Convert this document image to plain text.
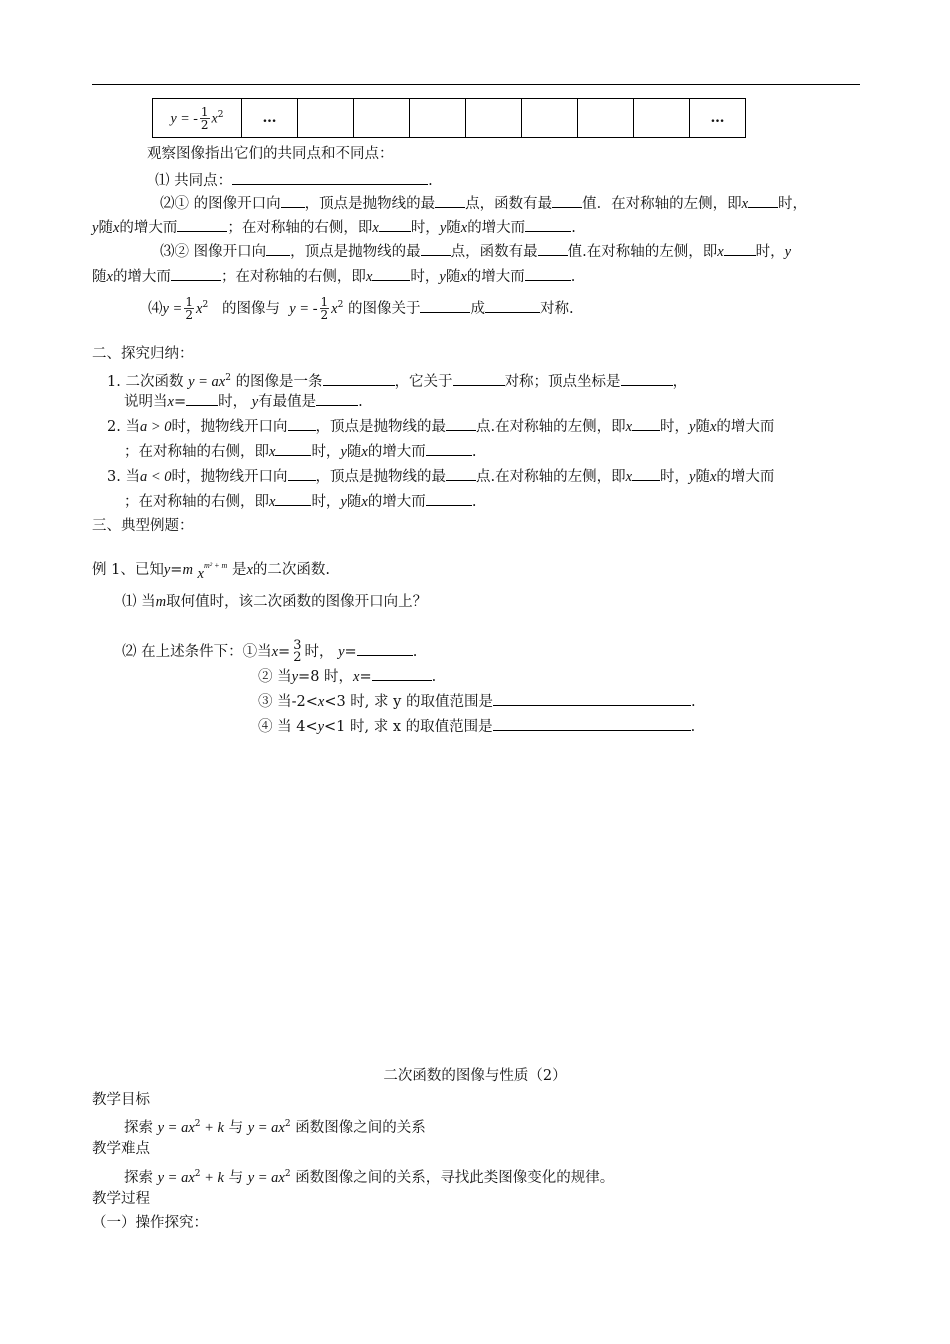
y = - $\frac{1}{2} x^2$	…								…
观察图像指出它们的共同点和不同点：
⑴ 共同点：	.
⑵① 的图像开口向 ，顶点是抛物线的最 点，函数有最 值．在对称轴的左侧，即x 时，
y随x的增大而	；在对称轴的右侧，即x 时，y随x的增大而	.
⑶② 图像开口向 ，顶点是抛物线的最 点，函数有最 值.在对称轴的左侧，即x 时，y
随x的增大而	；在对称轴的右侧，即x	时，y随x的增大而	.
⑷y = $\frac{1}{2} x^2$ 的图像与 y = - $\frac{1}{2} x^2$ 的图像关于	成	对称.
二、探究归纳：
1. 二次函数 $y = ax^2$ 的图像是一条	，它关于	对称；顶点坐标是	，
说明当x= 时， y有最值是	.
2. 当a > 0时，抛物线开口向 ，顶点是抛物线的最 点.在对称轴的左侧，即x 时，y随x的增大而
；在对称轴的右侧，即x 时，y随x的增大而	.
3. 当a < 0时，抛物线开口向 ，顶点是抛物线的最 点.在对称轴的左侧，即x 时，y随x的增大而
；在对称轴的右侧，即x 时，y随x的增大而	.
三、典型例题：
例 1、已知y=m $x^{m^2 + m}$ 是x的二次函数.
⑴ 当m取何值时，该二次函数的图像开口向上？
⑵ 在上述条件下：①当x= 3
2 时， y=	.
② 当y=8 时，x=	.
③ 当-2<x<3 时, 求 y 的取值范围是	.
④ 当 4<y<1 时, 求 x 的取值范围是	.
二次函数的图像与性质（2）
教学目标
探索 $y = ax^2 + k$ 与 $y = ax^2$ 函数图像之间的关系
教学难点
探索 $y = ax^2 + k$ 与 $y = ax^2$ 函数图像之间的关系，寻找此类图像变化的规律。
教学过程
（一）操作探究：
